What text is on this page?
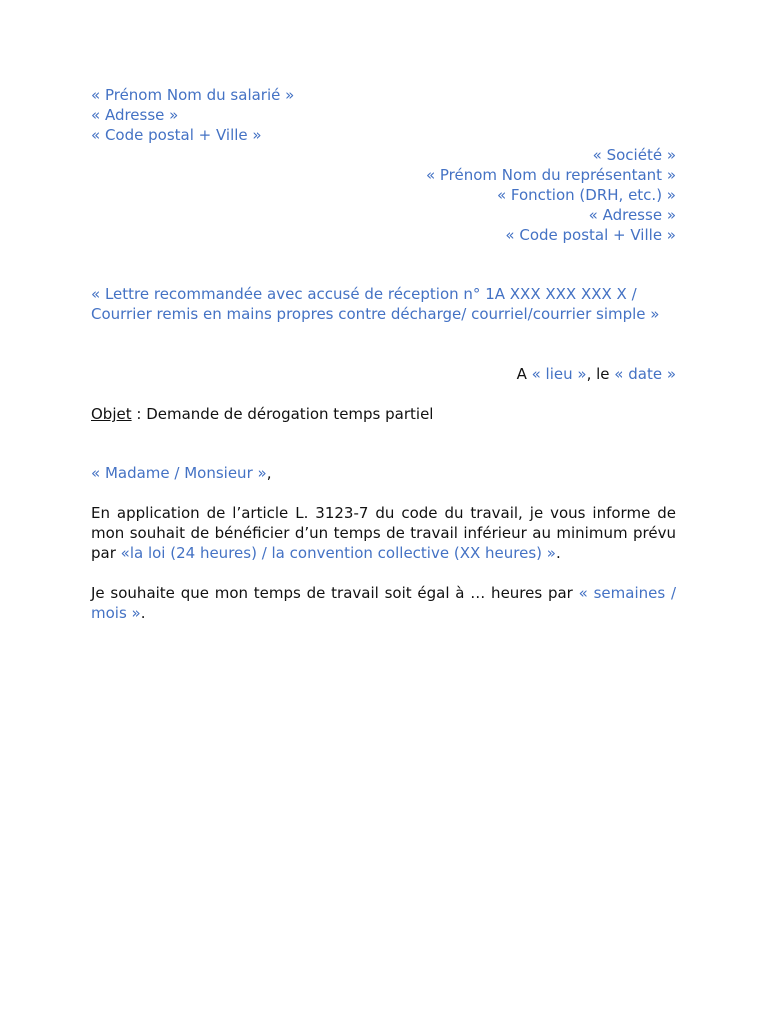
« Prénom Nom du salarié »
« Adresse »
« Code postal + Ville »
« Société »
« Prénom Nom du représentant »
« Fonction (DRH, etc.) »
« Adresse »
« Code postal + Ville »
« Lettre recommandée avec accusé de réception n° 1A XXX XXX XXX X /
Courrier remis en mains propres contre décharge/ courriel/courrier simple »
A « lieu », le « date »
Objet : Demande de dérogation temps partiel
« Madame / Monsieur »,
En application de l’article L. 3123-7 du code du travail, je vous informe de mon souhait de bénéficier d’un temps de travail inférieur au minimum prévu par «la loi (24 heures) / la convention collective (XX heures) ».
Je souhaite que mon temps de travail soit égal à … heures par « semaines / mois ».
